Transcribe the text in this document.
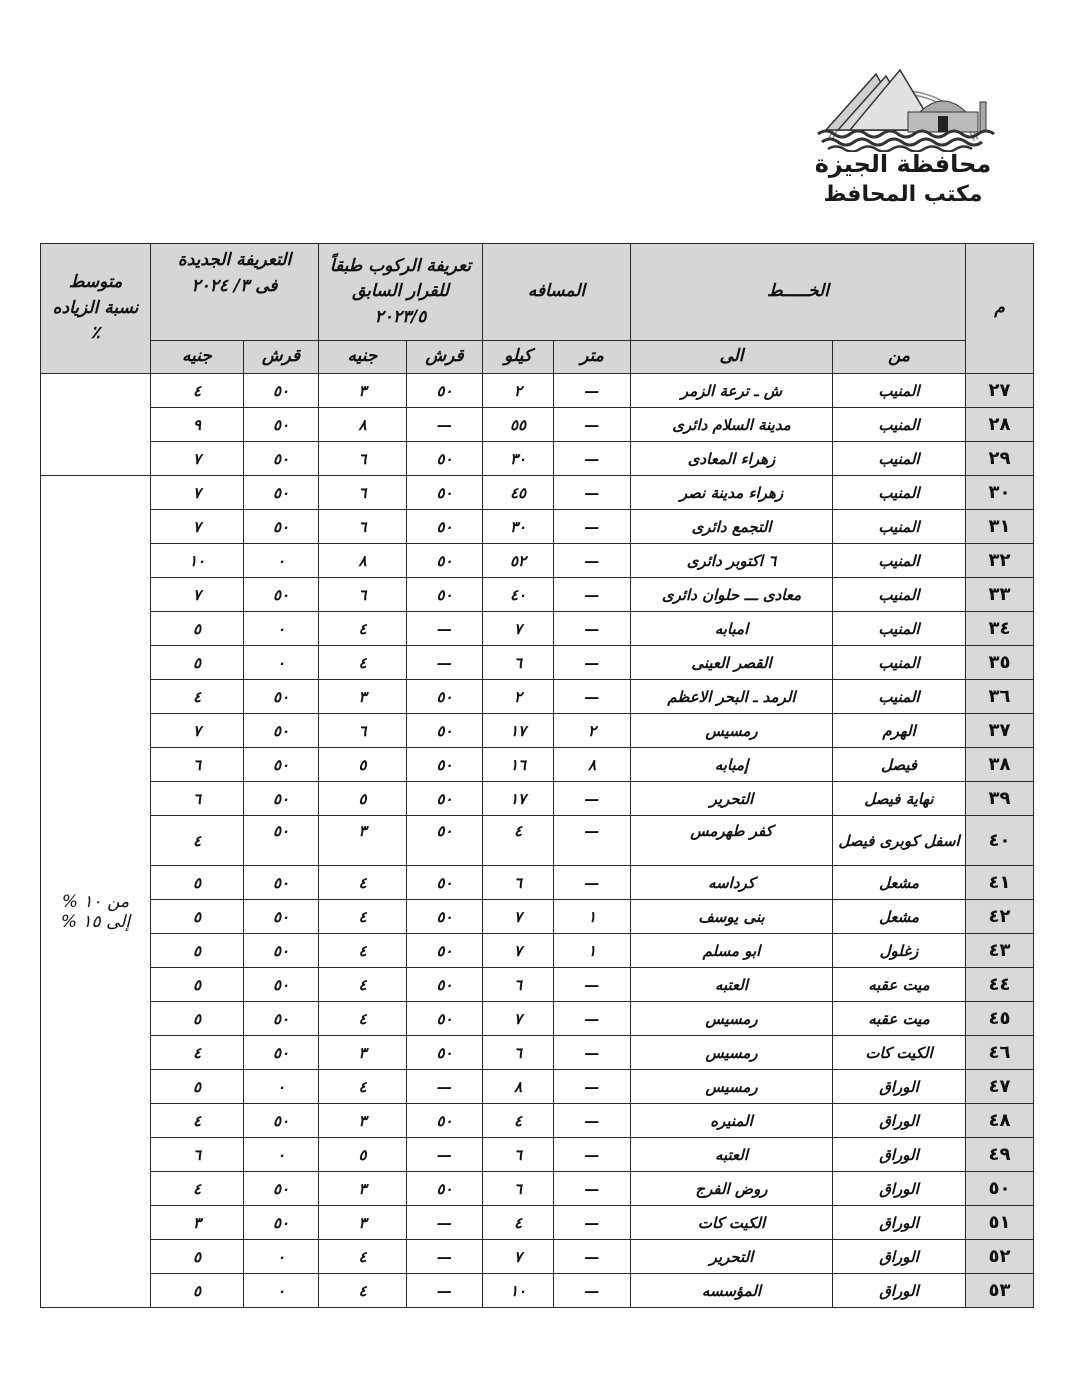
محافظة الجيزة
مكتب المحافظ
م	الخـــــط	المسافه	
تعريفة الركوب طبقاً
للقرار السابق
٢٠٢٣/٥

التعريفة الجديدة
فى ٣/ ٢٠٢٤

متوسط
نسبة الزياده
٪

	من	الى	متر	كيلو	قرش	جنيه	قرش	جنيه	
٢٧	المنيب	ش ـ ترعة الزمر	—	٢	٥٠	٣	٥٠	٤	
٢٨	المنيب	مدينة السلام دائرى	—	٥٥	—	٨	٥٠	٩	
٢٩	المنيب	زهراء المعادى	—	٣٠	٥٠	٦	٥٠	٧	
٣٠	المنيب	زهراء مدينة نصر	—	٤٥	٥٠	٦	٥٠	٧	من ١٠ %
إلى ١٥ %

٣١	المنيب	التجمع دائرى	—	٣٠	٥٠	٦	٥٠	٧	
٣٢	المنيب	٦ اكتوبر دائرى	—	٥٢	٥٠	٨	٠	١٠	
٣٣	المنيب	معادى ـــ حلوان دائرى	—	٤٠	٥٠	٦	٥٠	٧	
٣٤	المنيب	امبابه	—	٧	—	٤	٠	٥	
٣٥	المنيب	القصر العينى	—	٦	—	٤	٠	٥	
٣٦	المنيب	الرمد ـ البحر الاعظم	—	٢	٥٠	٣	٥٠	٤	
٣٧	الهرم	رمسيس	٢	١٧	٥٠	٦	٥٠	٧	
٣٨	فيصل	إمبابه	٨	١٦	٥٠	٥	٥٠	٦	
٣٩	نهاية فيصل	التحرير	—	١٧	٥٠	٥	٥٠	٦	
٤٠	اسفل كوبرى فيصل	كفر طهرمس	—	٤	٥٠	٣	٥٠	٤	
٤١	مشعل	كرداسه	—	٦	٥٠	٤	٥٠	٥	
٤٢	مشعل	بنى يوسف	١	٧	٥٠	٤	٥٠	٥	
٤٣	زغلول	ابو مسلم	١	٧	٥٠	٤	٥٠	٥	
٤٤	ميت عقبه	العتبه	—	٦	٥٠	٤	٥٠	٥	
٤٥	ميت عقبه	رمسيس	—	٧	٥٠	٤	٥٠	٥	
٤٦	الكيت كات	رمسيس	—	٦	٥٠	٣	٥٠	٤	
٤٧	الوراق	رمسيس	—	٨	—	٤	٠	٥	
٤٨	الوراق	المنيره	—	٤	٥٠	٣	٥٠	٤	
٤٩	الوراق	العتبه	—	٦	—	٥	٠	٦	
٥٠	الوراق	روض الفرج	—	٦	٥٠	٣	٥٠	٤	
٥١	الوراق	الكيت كات	—	٤	—	٣	٥٠	٣	
٥٢	الوراق	التحرير	—	٧	—	٤	٠	٥	
٥٣	الوراق	المؤسسه	—	١٠	—	٤	٠	٥	
